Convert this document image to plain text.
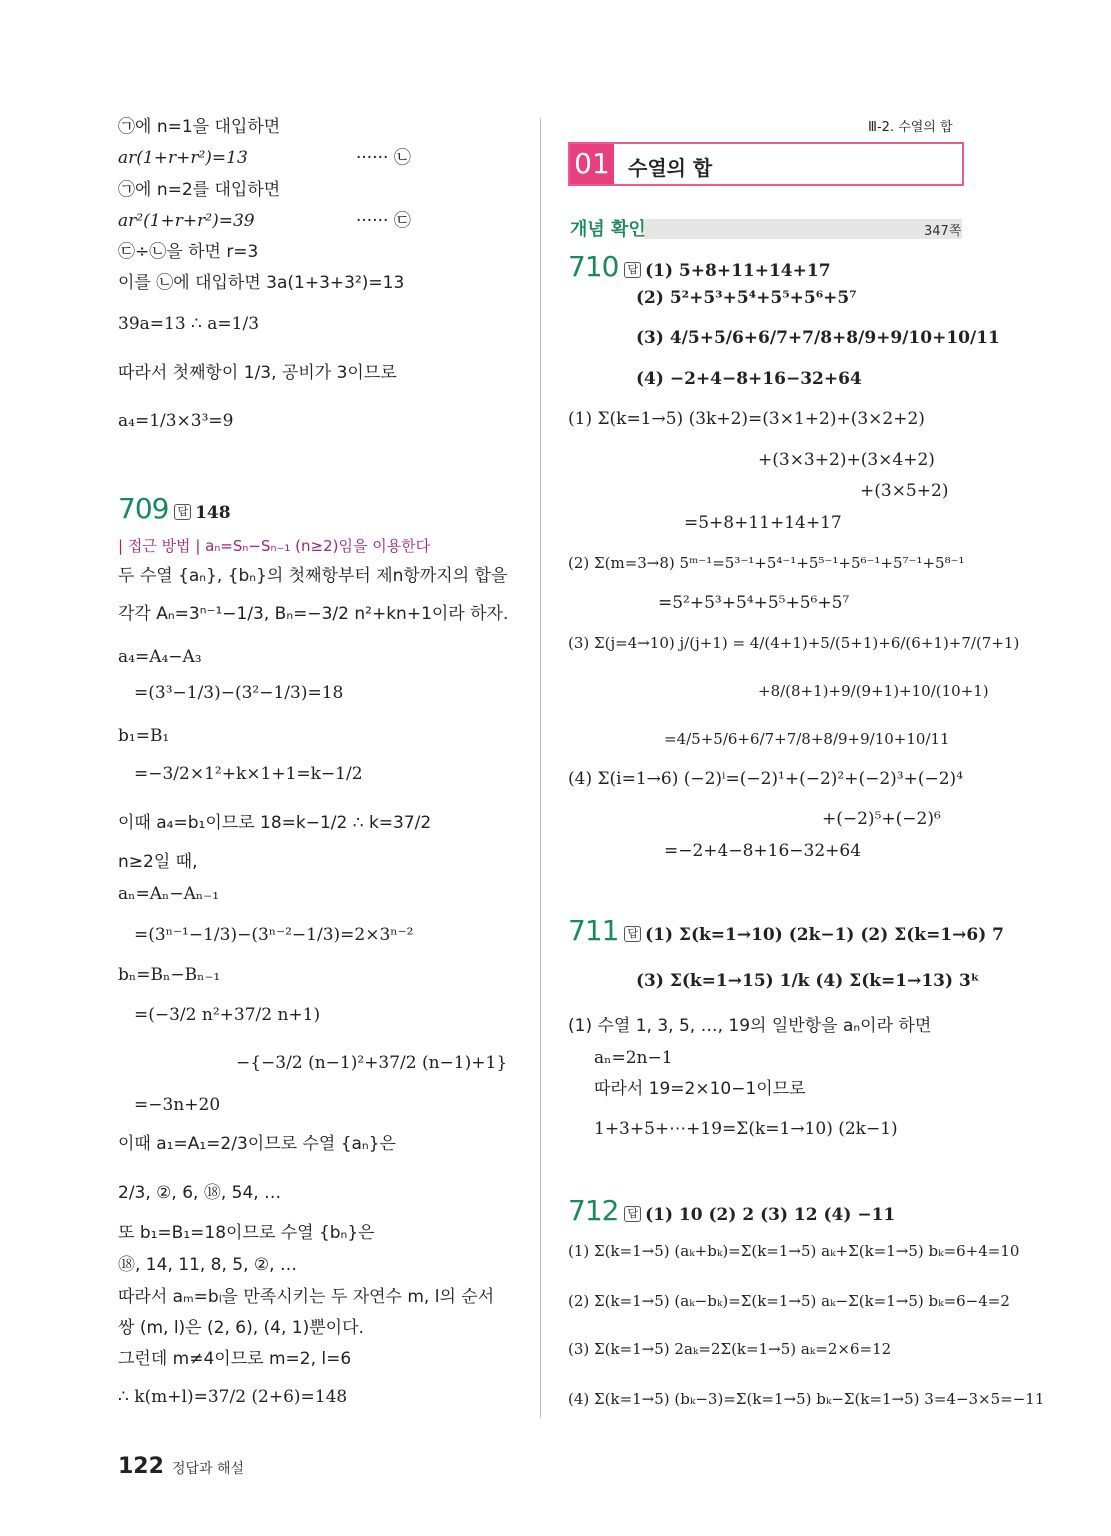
Ⅲ-2. 수열의 합
㉠에 n=1을 대입하면
ar(1+r+r²)=13	······ ㉡
㉠에 n=2를 대입하면
ar²(1+r+r²)=39	······ ㉢
㉢÷㉡을 하면 r=3
이를 ㉡에 대입하면 3a(1+3+3²)=13
39a=13 ∴ a=1/3
따라서 첫째항이 1/3, 공비가 3이므로
a₄=1/3×3³=9
709 답 148
| 접근 방법 | aₙ=Sₙ−Sₙ₋₁ (n≥2)임을 이용한다
두 수열 {aₙ}, {bₙ}의 첫째항부터 제n항까지의 합을
각각 Aₙ=3ⁿ⁻¹−1/3, Bₙ=−3/2 n²+kn+1이라 하자.
a₄=A₄−A₃
=(3³−1/3)−(3²−1/3)=18
b₁=B₁
=−3/2×1²+k×1+1=k−1/2
이때 a₄=b₁이므로 18=k−1/2 ∴ k=37/2
n≥2일 때,
aₙ=Aₙ−Aₙ₋₁
=(3ⁿ⁻¹−1/3)−(3ⁿ⁻²−1/3)=2×3ⁿ⁻²
bₙ=Bₙ−Bₙ₋₁
=(−3/2 n²+37/2 n+1)
−{−3/2 (n−1)²+37/2 (n−1)+1}
=−3n+20
이때 a₁=A₁=2/3이므로 수열 {aₙ}은
2/3, ②, 6, ⑱, 54, …
또 b₁=B₁=18이므로 수열 {bₙ}은
⑱, 14, 11, 8, 5, ②, …
따라서 aₘ=bₗ을 만족시키는 두 자연수 m, l의 순서
쌍 (m, l)은 (2, 6), (4, 1)뿐이다.
그런데 m≠4이므로 m=2, l=6
∴ k(m+l)=37/2 (2+6)=148
01 수열의 합
개념 확인	347쪽
710 답 (1) 5+8+11+14+17
(2) 5²+5³+5⁴+5⁵+5⁶+5⁷
(3) 4/5+5/6+6/7+7/8+8/9+9/10+10/11
(4) −2+4−8+16−32+64
(1) Σ(k=1→5) (3k+2)=(3×1+2)+(3×2+2)
+(3×3+2)+(3×4+2)
+(3×5+2)
=5+8+11+14+17
(2) Σ(m=3→8) 5ᵐ⁻¹=5³⁻¹+5⁴⁻¹+5⁵⁻¹+5⁶⁻¹+5⁷⁻¹+5⁸⁻¹
=5²+5³+5⁴+5⁵+5⁶+5⁷
(3) Σ(j=4→10) j/(j+1) = 4/(4+1)+5/(5+1)+6/(6+1)+7/(7+1)
+8/(8+1)+9/(9+1)+10/(10+1)
=4/5+5/6+6/7+7/8+8/9+9/10+10/11
(4) Σ(i=1→6) (−2)ⁱ=(−2)¹+(−2)²+(−2)³+(−2)⁴
+(−2)⁵+(−2)⁶
=−2+4−8+16−32+64
711 답 (1) Σ(k=1→10) (2k−1) (2) Σ(k=1→6) 7
(3) Σ(k=1→15) 1/k (4) Σ(k=1→13) 3ᵏ
(1) 수열 1, 3, 5, …, 19의 일반항을 aₙ이라 하면
aₙ=2n−1
따라서 19=2×10−1이므로
1+3+5+⋯+19=Σ(k=1→10) (2k−1)
712 답 (1) 10 (2) 2 (3) 12 (4) −11
(1) Σ(k=1→5) (aₖ+bₖ)=Σ(k=1→5) aₖ+Σ(k=1→5) bₖ=6+4=10
(2) Σ(k=1→5) (aₖ−bₖ)=Σ(k=1→5) aₖ−Σ(k=1→5) bₖ=6−4=2
(3) Σ(k=1→5) 2aₖ=2Σ(k=1→5) aₖ=2×6=12
(4) Σ(k=1→5) (bₖ−3)=Σ(k=1→5) bₖ−Σ(k=1→5) 3=4−3×5=−11
122 정답과 해설
